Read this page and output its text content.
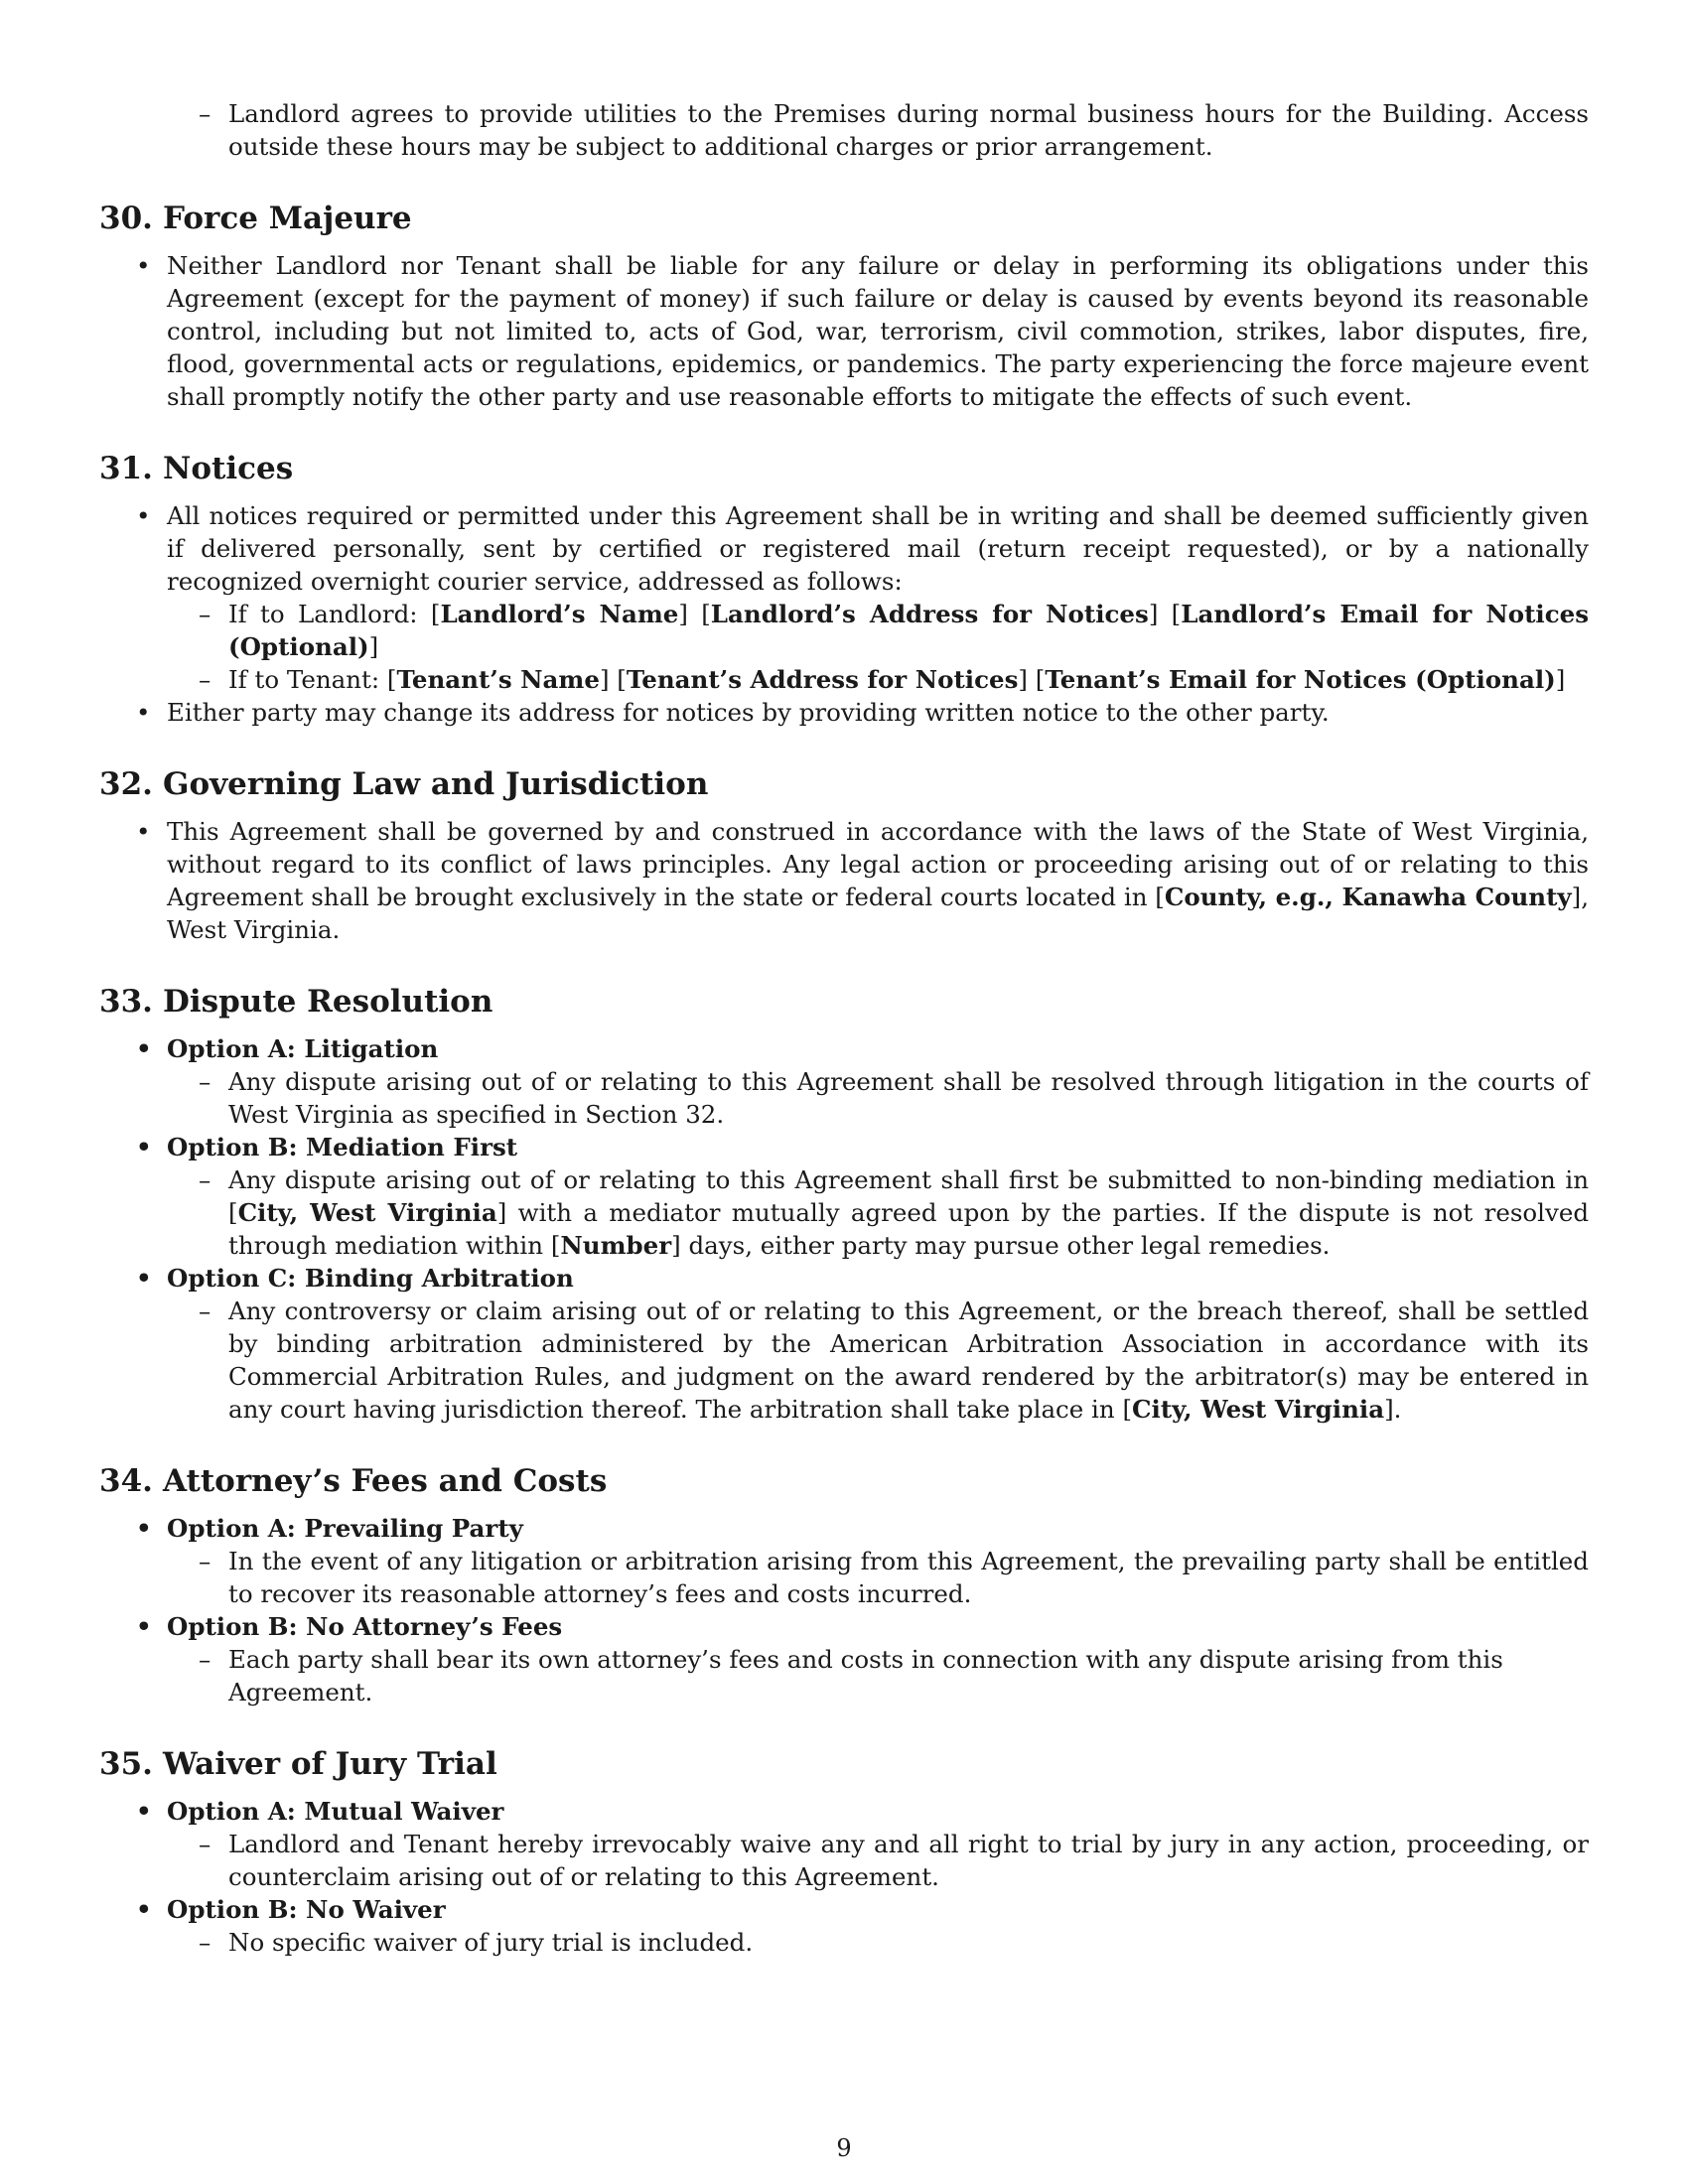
– Landlord agrees to provide utilities to the Premises during normal business hours for the Building. Access outside these hours may be subject to additional charges or prior arrangement.
30. Force Majeure
• Neither Landlord nor Tenant shall be liable for any failure or delay in performing its obligations under this Agreement (except for the payment of money) if such failure or delay is caused by events beyond its reasonable control, including but not limited to, acts of God, war, terrorism, civil commotion, strikes, labor disputes, fire, flood, governmental acts or regulations, epidemics, or pandemics. The party experiencing the force majeure event shall promptly notify the other party and use reasonable efforts to mitigate the effects of such event.
31. Notices
• All notices required or permitted under this Agreement shall be in writing and shall be deemed sufficiently given if delivered personally, sent by certified or registered mail (return receipt requested), or by a nationally recognized overnight courier service, addressed as follows:
– If to Landlord: [Landlord’s Name] [Landlord’s Address for Notices] [Landlord’s Email for Notices (Optional)]
– If to Tenant: [Tenant’s Name] [Tenant’s Address for Notices] [Tenant’s Email for Notices (Optional)]
• Either party may change its address for notices by providing written notice to the other party.
32. Governing Law and Jurisdiction
• This Agreement shall be governed by and construed in accordance with the laws of the State of West Virginia, without regard to its conflict of laws principles. Any legal action or proceeding arising out of or relating to this Agreement shall be brought exclusively in the state or federal courts located in [County, e.g., Kanawha County], West Virginia.
33. Dispute Resolution
• Option A: Litigation
– Any dispute arising out of or relating to this Agreement shall be resolved through litigation in the courts of West Virginia as specified in Section 32.
• Option B: Mediation First
– Any dispute arising out of or relating to this Agreement shall first be submitted to non-binding mediation in [City, West Virginia] with a mediator mutually agreed upon by the parties. If the dispute is not resolved through mediation within [Number] days, either party may pursue other legal remedies.
• Option C: Binding Arbitration
– Any controversy or claim arising out of or relating to this Agreement, or the breach thereof, shall be settled by binding arbitration administered by the American Arbitration Association in accordance with its Commercial Arbitration Rules, and judgment on the award rendered by the arbitrator(s) may be entered in any court having jurisdiction thereof. The arbitration shall take place in [City, West Virginia].
34. Attorney’s Fees and Costs
• Option A: Prevailing Party
– In the event of any litigation or arbitration arising from this Agreement, the prevailing party shall be entitled to recover its reasonable attorney’s fees and costs incurred.
• Option B: No Attorney’s Fees
– Each party shall bear its own attorney’s fees and costs in connection with any dispute arising from this Agreement.
35. Waiver of Jury Trial
• Option A: Mutual Waiver
– Landlord and Tenant hereby irrevocably waive any and all right to trial by jury in any action, proceeding, or counterclaim arising out of or relating to this Agreement.
• Option B: No Waiver
– No specific waiver of jury trial is included.
9
